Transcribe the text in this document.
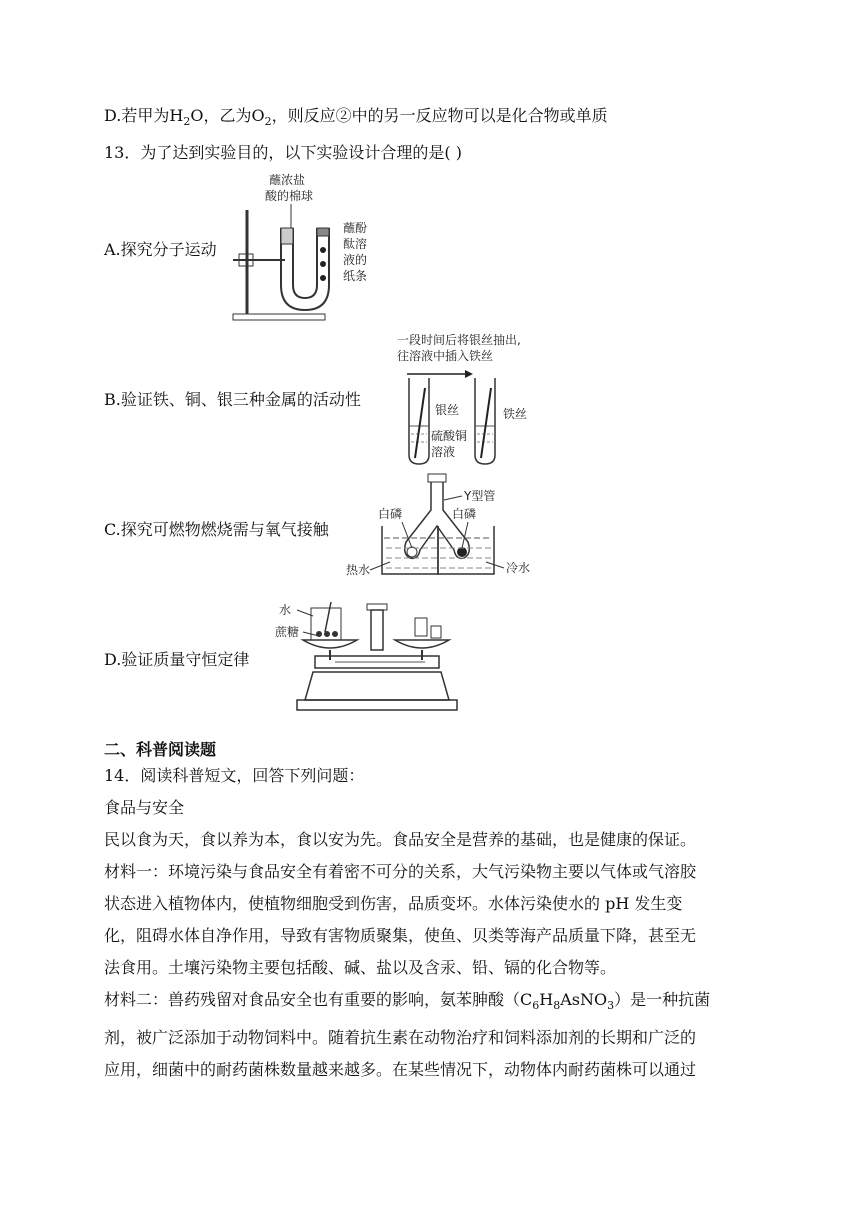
D.若甲为$H_2O$，乙为$O_2$，则反应②中的另一反应物可以是化合物或单质
13．为了达到实验目的，以下实验设计合理的是( )
A.探究分子运动
蘸浓盐
酸的棉球
蘸酚
酞溶
液的
纸条
B.验证铁、铜、银三种金属的活动性
一段时间后将银丝抽出,
往溶液中插入铁丝
银丝
硫酸铜
溶液
铁丝
C.探究可燃物燃烧需与氧气接触
Y型管
白磷	白磷
热水	冷水
D.验证质量守恒定律
水
蔗糖
二、科普阅读题
14．阅读科普短文，回答下列问题：
食品与安全
民以食为天，食以养为本，食以安为先。食品安全是营养的基础，也是健康的保证。
材料一：环境污染与食品安全有着密不可分的关系，大气污染物主要以气体或气溶胶
状态进入植物体内，使植物细胞受到伤害，品质变坏。水体污染使水的 pH 发生变
化，阻碍水体自净作用，导致有害物质聚集，使鱼、贝类等海产品质量下降，甚至无
法食用。土壤污染物主要包括酸、碱、盐以及含汞、铅、镉的化合物等。
材料二：兽药残留对食品安全也有重要的影响，氨苯胂酸$(C_6H_8AsNO_3)$是一种抗菌
剂，被广泛添加于动物饲料中。随着抗生素在动物治疗和饲料添加剂的长期和广泛的
应用，细菌中的耐药菌株数量越来越多。在某些情况下，动物体内耐药菌株可以通过
